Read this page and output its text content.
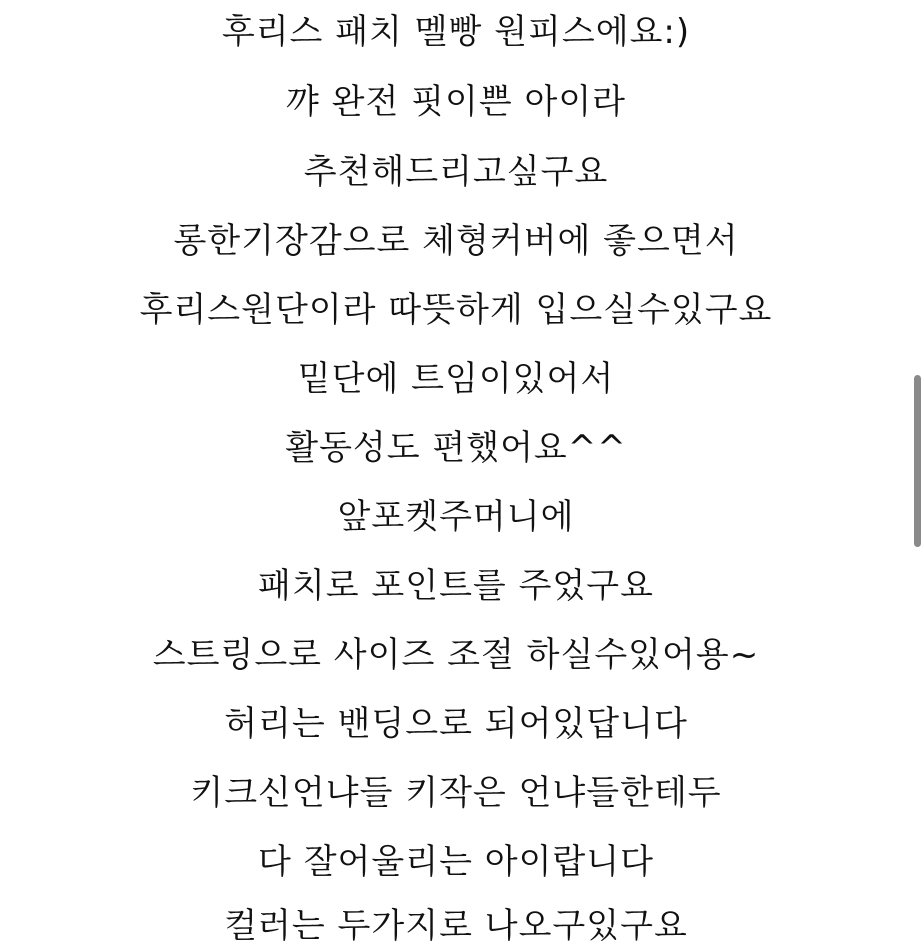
후리스 패치 멜빵 원피스에요:)
꺄 완전 핏이쁜 아이라
추천해드리고싶구요
롱한기장감으로 체형커버에 좋으면서
후리스원단이라 따뜻하게 입으실수있구요
밑단에 트임이있어서
활동성도 편했어요^^
앞포켓주머니에
패치로 포인트를 주었구요
스트링으로 사이즈 조절 하실수있어용~
허리는 밴딩으로 되어있답니다
키크신언냐들 키작은 언냐들한테두
다 잘어울리는 아이랍니다
컬러는 두가지로 나오구있구요
